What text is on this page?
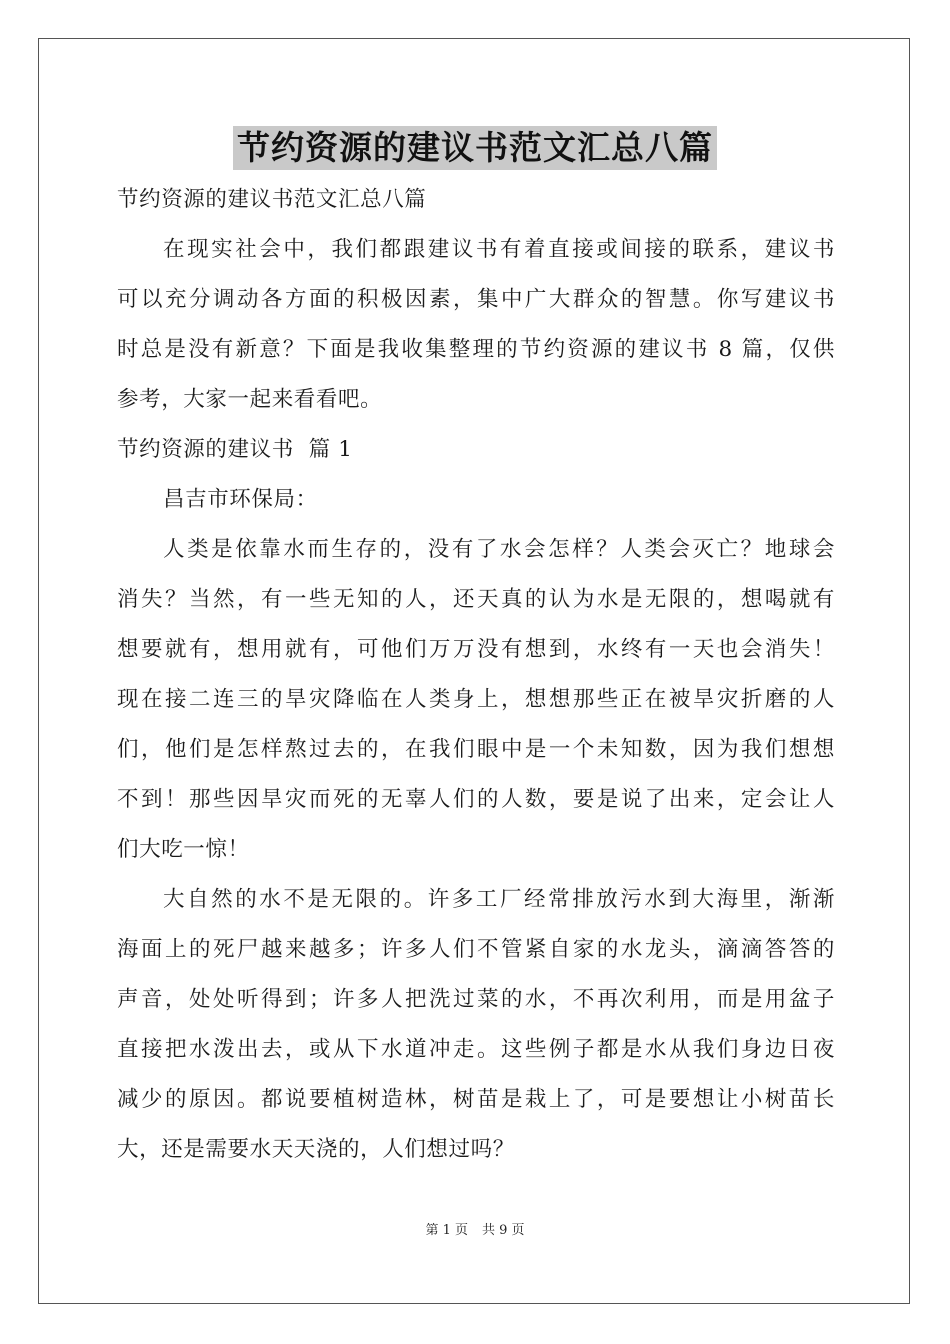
节约资源的建议书范文汇总八篇
节约资源的建议书范文汇总八篇
在现实社会中，我们都跟建议书有着直接或间接的联系，建议书
可以充分调动各方面的积极因素，集中广大群众的智慧。你写建议书
时总是没有新意？下面是我收集整理的节约资源的建议书 8 篇，仅供
参考，大家一起来看看吧。
节约资源的建议书  篇 1
昌吉市环保局：
人类是依靠水而生存的，没有了水会怎样？人类会灭亡？地球会
消失？当然，有一些无知的人，还天真的认为水是无限的，想喝就有
想要就有，想用就有，可他们万万没有想到，水终有一天也会消失！
现在接二连三的旱灾降临在人类身上，想想那些正在被旱灾折磨的人
们，他们是怎样熬过去的，在我们眼中是一个未知数，因为我们想想
不到！那些因旱灾而死的无辜人们的人数，要是说了出来，定会让人
们大吃一惊！
大自然的水不是无限的。许多工厂经常排放污水到大海里，渐渐
海面上的死尸越来越多；许多人们不管紧自家的水龙头，滴滴答答的
声音，处处听得到；许多人把洗过菜的水，不再次利用，而是用盆子
直接把水泼出去，或从下水道冲走。这些例子都是水从我们身边日夜
减少的原因。都说要植树造林，树苗是栽上了，可是要想让小树苗长
大，还是需要水天天浇的，人们想过吗？
第 1 页 共 9 页
